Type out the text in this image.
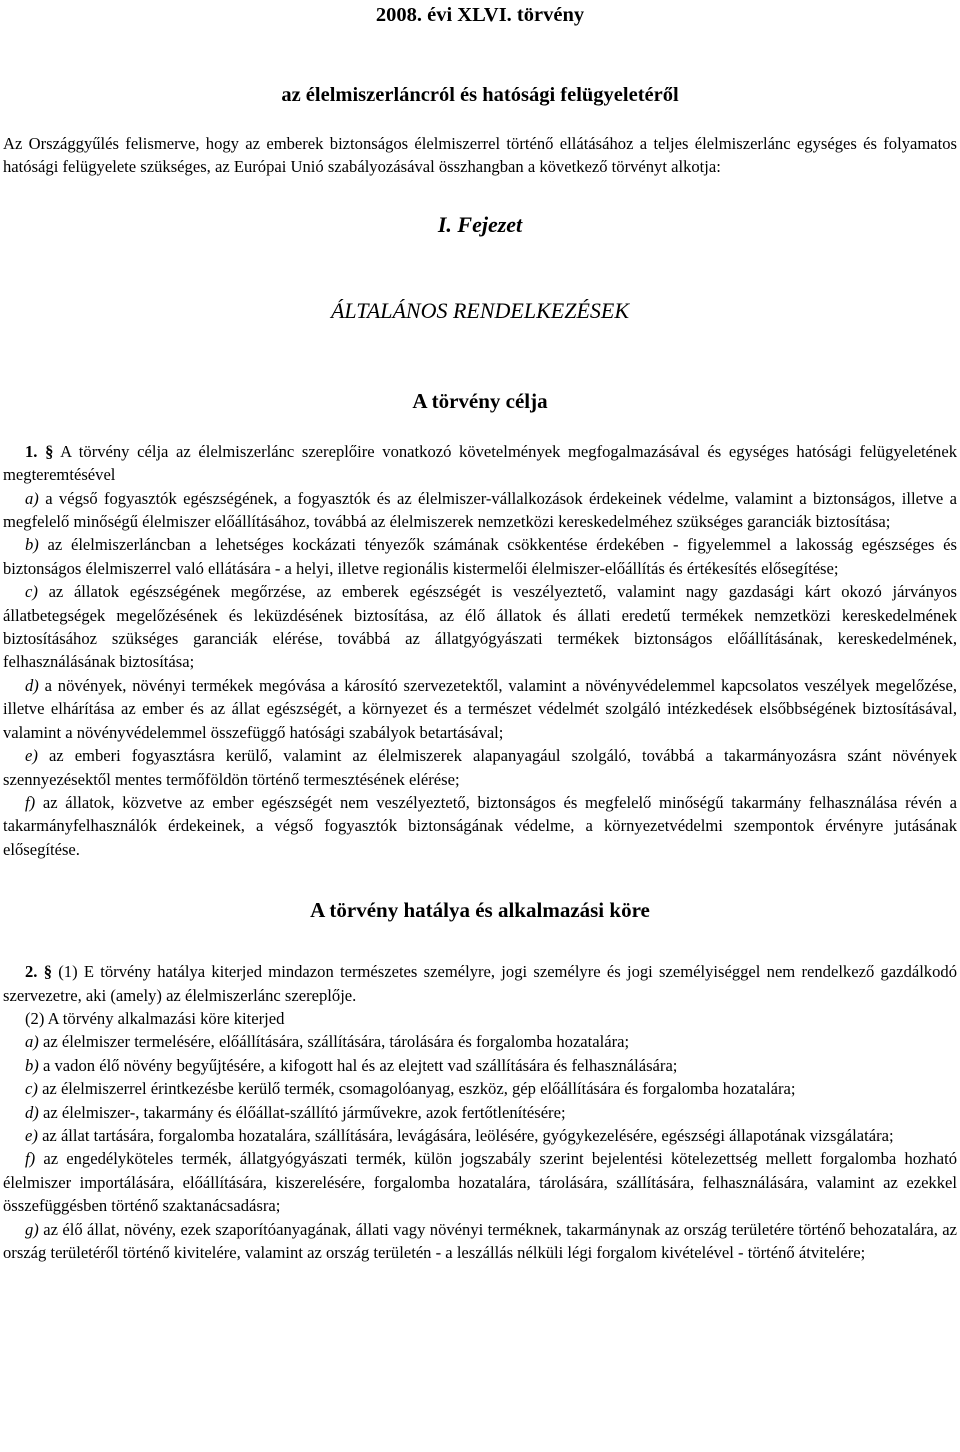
2008. évi XLVI. törvény
az élelmiszerláncról és hatósági felügyeletéről

Az Országgyűlés felismerve, hogy az emberek biztonságos élelmiszerrel történő ellátásához a teljes élelmiszerlánc egységes és folyamatos hatósági felügyelete szükséges, az Európai Unió szabályozásával összhangban a következő törvényt alkotja:

I. Fejezet
ÁLTALÁNOS RENDELKEZÉSEK
A törvény célja

1. § A törvény célja az élelmiszerlánc szereplőire vonatkozó követelmények megfogalmazásával és egységes hatósági felügyeletének megteremtésével

a) a végső fogyasztók egészségének, a fogyasztók és az élelmiszer-vállalkozások érdekeinek védelme, valamint a biztonságos, illetve a megfelelő minőségű élelmiszer előállításához, továbbá az élelmiszerek nemzetközi kereskedelméhez szükséges garanciák biztosítása;

b) az élelmiszerláncban a lehetséges kockázati tényezők számának csökkentése érdekében - figyelemmel a lakosság egészséges és biztonságos élelmiszerrel való ellátására - a helyi, illetve regionális kistermelői élelmiszer-előállítás és értékesítés elősegítése;

c) az állatok egészségének megőrzése, az emberek egészségét is veszélyeztető, valamint nagy gazdasági kárt okozó járványos állatbetegségek megelőzésének és leküzdésének biztosítása, az élő állatok és állati eredetű termékek nemzetközi kereskedelmének biztosításához szükséges garanciák elérése, továbbá az állatgyógyászati termékek biztonságos előállításának, kereskedelmének, felhasználásának biztosítása;

d) a növények, növényi termékek megóvása a károsító szervezetektől, valamint a növényvédelemmel kapcsolatos veszélyek megelőzése, illetve elhárítása az ember és az állat egészségét, a környezet és a természet védelmét szolgáló intézkedések elsőbbségének biztosításával, valamint a növényvédelemmel összefüggő hatósági szabályok betartásával;

e) az emberi fogyasztásra kerülő, valamint az élelmiszerek alapanyagául szolgáló, továbbá a takarmányozásra szánt növények szennyezésektől mentes termőföldön történő termesztésének elérése;

f) az állatok, közvetve az ember egészségét nem veszélyeztető, biztonságos és megfelelő minőségű takarmány felhasználása révén a takarmányfelhasználók érdekeinek, a végső fogyasztók biztonságának védelme, a környezetvédelmi szempontok érvényre jutásának elősegítése.

A törvény hatálya és alkalmazási köre

2. § (1) E törvény hatálya kiterjed mindazon természetes személyre, jogi személyre és jogi személyiséggel nem rendelkező gazdálkodó szervezetre, aki (amely) az élelmiszerlánc szereplője.

(2) A törvény alkalmazási köre kiterjed

a) az élelmiszer termelésére, előállítására, szállítására, tárolására és forgalomba hozatalára;

b) a vadon élő növény begyűjtésére, a kifogott hal és az elejtett vad szállítására és felhasználására;

c) az élelmiszerrel érintkezésbe kerülő termék, csomagolóanyag, eszköz, gép előállítására és forgalomba hozatalára;

d) az élelmiszer-, takarmány és élőállat-szállító járművekre, azok fertőtlenítésére;

e) az állat tartására, forgalomba hozatalára, szállítására, levágására, leölésére, gyógykezelésére, egészségi állapotának vizsgálatára;

f) az engedélyköteles termék, állatgyógyászati termék, külön jogszabály szerint bejelentési kötelezettség mellett forgalomba hozható élelmiszer importálására, előállítására, kiszerelésére, forgalomba hozatalára, tárolására, szállítására, felhasználására, valamint az ezekkel összefüggésben történő szaktanácsadásra;

g) az élő állat, növény, ezek szaporítóanyagának, állati vagy növényi terméknek, takarmánynak az ország területére történő behozatalára, az ország területéről történő kivitelére, valamint az ország területén - a leszállás nélküli légi forgalom kivételével - történő átvitelére;
